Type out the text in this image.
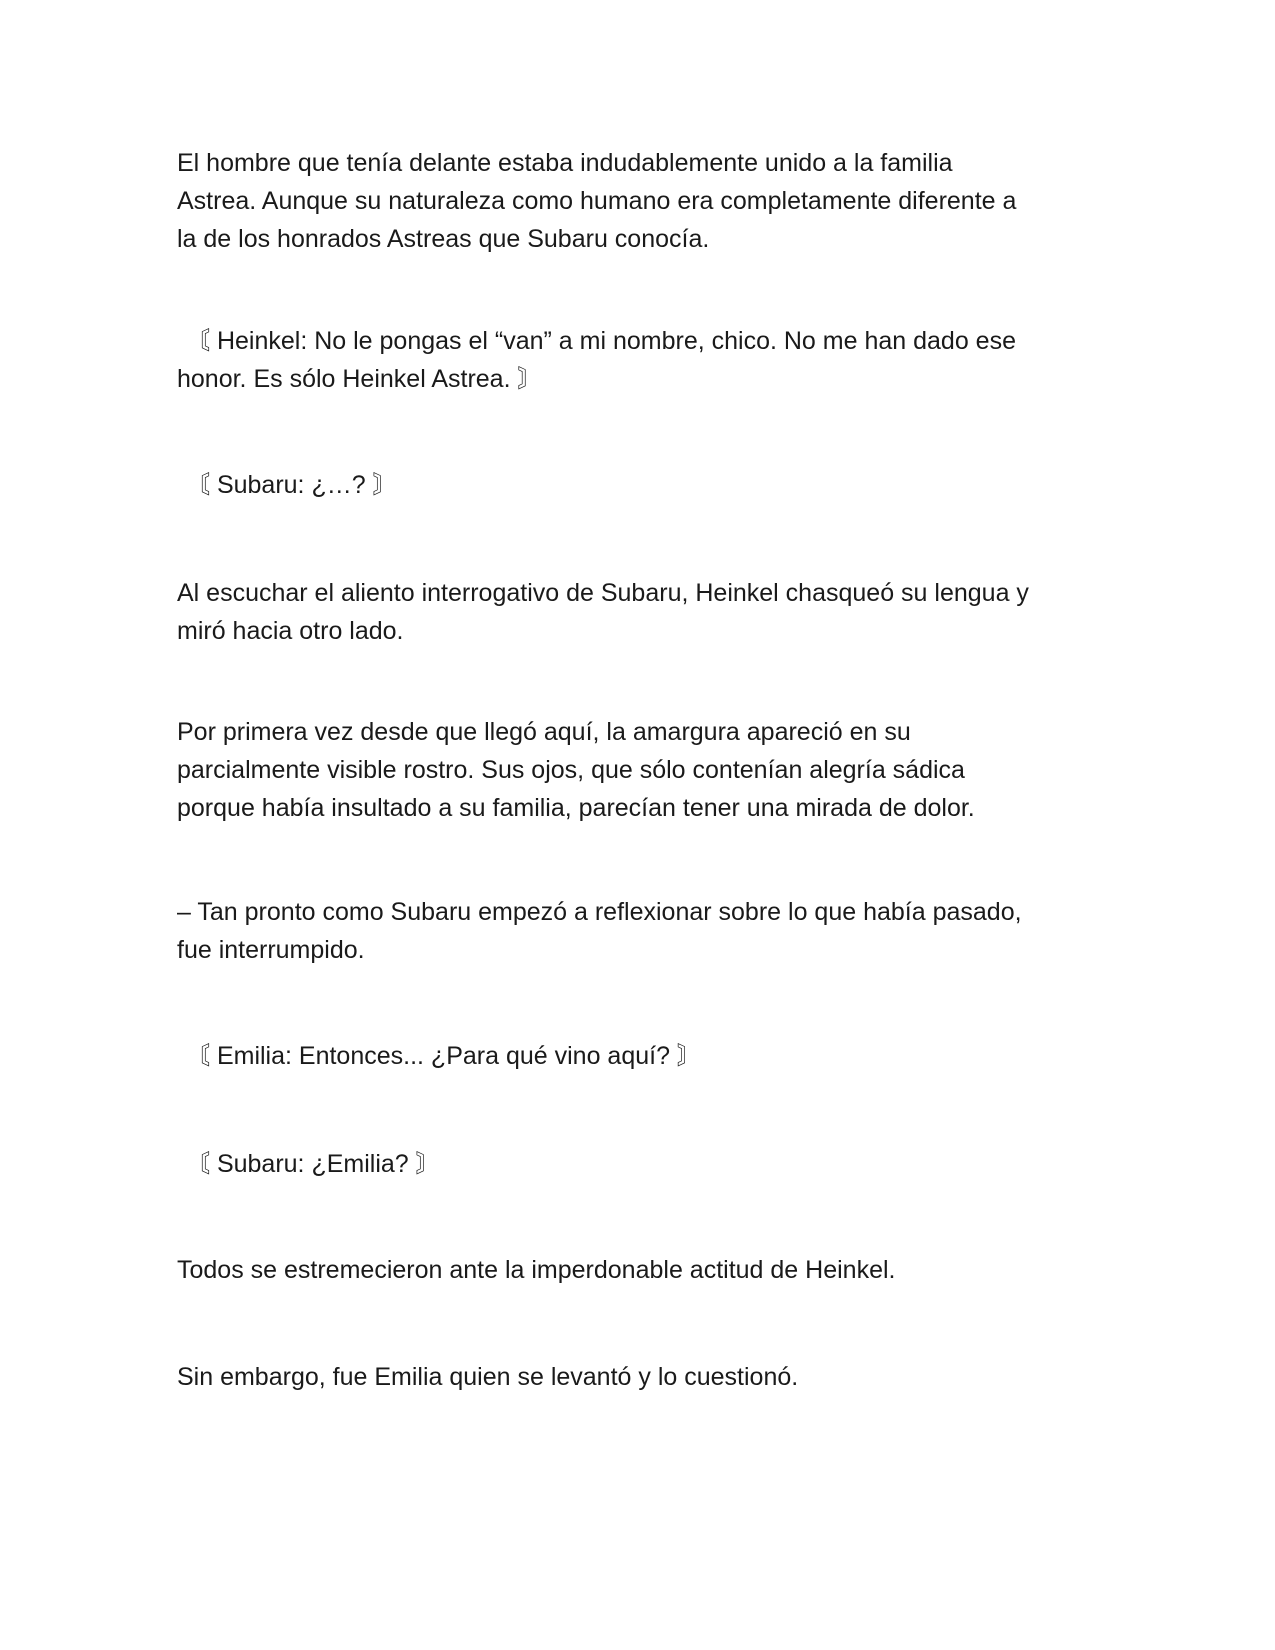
El hombre que tenía delante estaba indudablemente unido a la familia
Astrea. Aunque su naturaleza como humano era completamente diferente a
la de los honrados Astreas que Subaru conocía.

〘 Heinkel: No le pongas el “van” a mi nombre, chico. No me han dado ese
honor. Es sólo Heinkel Astrea. 〙

〘 Subaru: ¿…? 〙

Al escuchar el aliento interrogativo de Subaru, Heinkel chasqueó su lengua y
miró hacia otro lado.

Por primera vez desde que llegó aquí, la amargura apareció en su
parcialmente visible rostro. Sus ojos, que sólo contenían alegría sádica
porque había insultado a su familia, parecían tener una mirada de dolor.

– Tan pronto como Subaru empezó a reflexionar sobre lo que había pasado,
fue interrumpido.

〘 Emilia: Entonces... ¿Para qué vino aquí? 〙

〘 Subaru: ¿Emilia? 〙

Todos se estremecieron ante la imperdonable actitud de Heinkel.

Sin embargo, fue Emilia quien se levantó y lo cuestionó.
